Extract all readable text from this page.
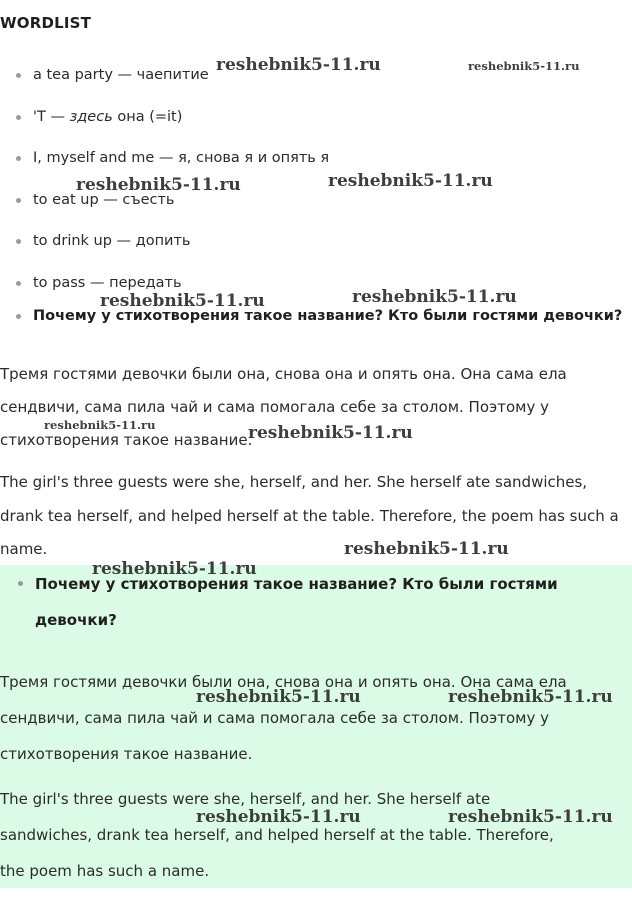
WORDLIST
a tea party — чаепитие
'T — здесь она (=it)
I, myself and me — я, снова я и опять я
to eat up — съесть
to drink up — допить
to pass — передать
Почему у стихотворения такое название? Кто были гостями девочки?
Тремя гостями девочки были она, снова она и опять она. Она сама ела
сендвичи, сама пила чай и сама помогала себе за столом. Поэтому у
стихотворения такое название.
The girl's three guests were she, herself, and her. She herself ate sandwiches,
drank tea herself, and helped herself at the table. Therefore, the poem has such a
name.
Почему у стихотворения такое название? Кто были гостями девочки?
Тремя гостями девочки были она, снова она и опять она. Она сама ела
сендвичи, сама пила чай и сама помогала себе за столом. Поэтому у
стихотворения такое название.
The girl's three guests were she, herself, and her. She herself ate
sandwiches, drank tea herself, and helped herself at the table. Therefore,
the poem has such a name.
reshebnik5-11.ru	reshebnik5-11.ru
reshebnik5-11.ru	reshebnik5-11.ru
reshebnik5-11.ru	reshebnik5-11.ru
reshebnik5-11.ru	reshebnik5-11.ru
reshebnik5-11.ru
reshebnik5-11.ru
reshebnik5-11.ru	reshebnik5-11.ru
reshebnik5-11.ru	reshebnik5-11.ru
